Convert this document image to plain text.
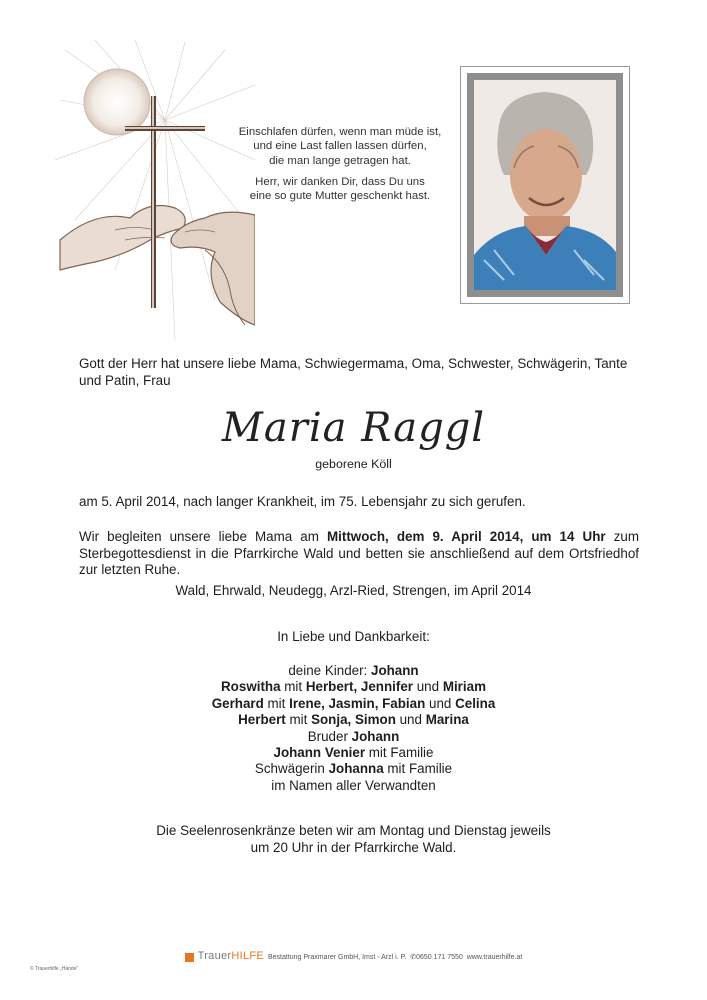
Einschlafen dürfen, wenn man müde ist,
und eine Last fallen lassen dürfen,
die man lange getragen hat.
Herr, wir danken Dir, dass Du uns
eine so gute Mutter geschenkt hast.
Gott der Herr hat unsere liebe Mama, Schwiegermama, Oma, Schwester, Schwägerin, Tante und Patin, Frau
Maria Raggl
geborene Köll
am 5. April 2014, nach langer Krankheit, im 75. Lebensjahr zu sich gerufen.
Wir begleiten unsere liebe Mama am Mittwoch, dem 9. April 2014, um 14 Uhr zum Sterbegottesdienst in die Pfarrkirche Wald und betten sie anschließend auf dem Ortsfriedhof zur letzten Ruhe.
Wald, Ehrwald, Neudegg, Arzl-Ried, Strengen, im April 2014
In Liebe und Dankbarkeit:
deine Kinder: Johann
Roswitha mit Herbert, Jennifer und Miriam
Gerhard mit Irene, Jasmin, Fabian und Celina
Herbert mit Sonja, Simon und Marina
Bruder Johann
Johann Venier mit Familie
Schwägerin Johanna mit Familie
im Namen aller Verwandten
Die Seelenrosenkränze beten wir am Montag und Dienstag jeweils
um 20 Uhr in der Pfarrkirche Wald.
TrauerHILFE Bestattung Praxmarer GmbH, Imst - Arzl i. P. ✆0650 171 7550 www.trauerhilfe.at
© Trauerhilfe „Hände"
